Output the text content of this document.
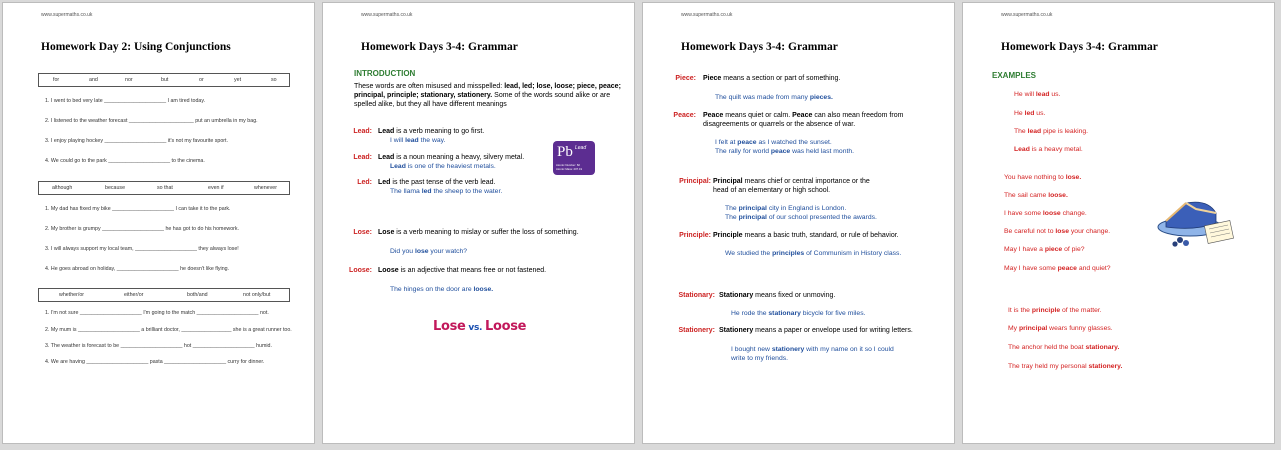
www.supermaths.co.uk
Homework Day 2: Using Conjunctions
for	and	nor	but	or	yet	so
1. I went to bed very late _____________________ I am tired today.
2. I listened to the weather forecast ______________________ put an umbrella in my bag.
3. I enjoy playing hockey _____________________ it's not my favourite sport.
4. We could go to the park _____________________ to the cinema.
although	because	so that	even if	whenever
1. My dad has fixed my bike _____________________ I can take it to the park.
2. My brother is grumpy _____________________ he has got to do his homework.
3. I will always support my local team, _____________________ they always lose!
4. He goes abroad on holiday, _____________________ he doesn't like flying.
whether/or	either/or	both/and	not only/but
1. I'm not sure _____________________ I'm going to the match _____________________ not.
2. My mum is _____________________ a brilliant doctor, _________________ she is a great runner too.
3. The weather is forecast to be _____________________ hot _____________________ humid.
4. We are having _____________________ pasta _____________________ curry for dinner.
www.supermaths.co.uk
Homework Days 3-4: Grammar
INTRODUCTION
These words are often misused and misspelled: lead, led; lose, loose; piece, peace; principal, principle; stationary, stationery. Some of the words sound alike or are spelled alike, but they all have different meanings
Lead: Lead is a verb meaning to go first.
I will lead the way.
Lead: Lead is a noun meaning a heavy, silvery metal.
Lead is one of the heaviest metals.
Led: Led is the past tense of the verb lead.
The llama led the sheep to the water.
Pb Lead
Atomic Number: 82
Atomic Mass: 207.19
Lose: Lose is a verb meaning to mislay or suffer the loss of something.
Did you lose your watch?
Loose: Loose is an adjective that means free or not fastened.
The hinges on the door are loose.
Lose vs. Loose
www.supermaths.co.uk
Homework Days 3-4: Grammar
Piece: Piece means a section or part of something.
The quilt was made from many pieces.
Peace: Peace means quiet or calm. Peace can also mean freedom from
disagreements or quarrels or the absence of war.
I felt at peace as I watched the sunset.
The rally for world peace was held last month.
Principal: Principal means chief or central importance or the
head of an elementary or high school.
The principal city in England is London.
The principal of our school presented the awards.
Principle: Principle means a basic truth, standard, or rule of behavior.
We studied the principles of Communism in History class.
Stationary: Stationary means fixed or unmoving.
He rode the stationary bicycle for five miles.
Stationery: Stationery means a paper or envelope used for writing letters.
I bought new stationery with my name on it so I could
write to my friends.
www.supermaths.co.uk
Homework Days 3-4: Grammar
EXAMPLES
He will lead us.
He led us.
The lead pipe is leaking.
Lead is a heavy metal.
You have nothing to lose.
The sail came loose.
I have some loose change.
Be careful not to lose your change.
May I have a piece of pie?
May I have some peace and quiet?
It is the principle of the matter.
My principal wears funny glasses.
The anchor held the boat stationary.
The tray held my personal stationery.
